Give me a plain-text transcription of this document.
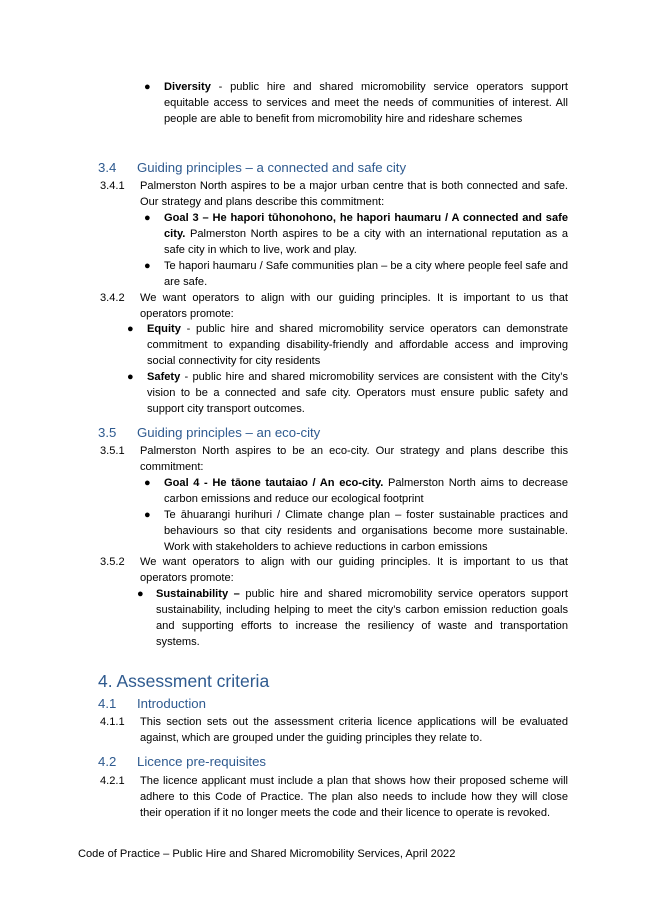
● Diversity - public hire and shared micromobility service operators support equitable access to services and meet the needs of communities of interest. All people are able to benefit from micromobility hire and rideshare schemes
3.4 Guiding principles – a connected and safe city
3.4.1 Palmerston North aspires to be a major urban centre that is both connected and safe. Our strategy and plans describe this commitment:
● Goal 3 – He hapori tūhonohono, he hapori haumaru / A connected and safe city. Palmerston North aspires to be a city with an international reputation as a safe city in which to live, work and play.
● Te hapori haumaru / Safe communities plan – be a city where people feel safe and are safe.
3.4.2 We want operators to align with our guiding principles. It is important to us that operators promote:
● Equity - public hire and shared micromobility service operators can demonstrate commitment to expanding disability-friendly and affordable access and improving social connectivity for city residents
● Safety - public hire and shared micromobility services are consistent with the City’s vision to be a connected and safe city. Operators must ensure public safety and support city transport outcomes.
3.5 Guiding principles – an eco-city
3.5.1 Palmerston North aspires to be an eco-city. Our strategy and plans describe this commitment:
● Goal 4 - He tāone tautaiao / An eco-city. Palmerston North aims to decrease carbon emissions and reduce our ecological footprint
● Te āhuarangi hurihuri / Climate change plan – foster sustainable practices and behaviours so that city residents and organisations become more sustainable. Work with stakeholders to achieve reductions in carbon emissions
3.5.2 We want operators to align with our guiding principles. It is important to us that operators promote:
● Sustainability – public hire and shared micromobility service operators support sustainability, including helping to meet the city’s carbon emission reduction goals and supporting efforts to increase the resiliency of waste and transportation systems.
4. Assessment criteria
4.1 Introduction
4.1.1 This section sets out the assessment criteria licence applications will be evaluated against, which are grouped under the guiding principles they relate to.
4.2 Licence pre-requisites
4.2.1 The licence applicant must include a plan that shows how their proposed scheme will adhere to this Code of Practice. The plan also needs to include how they will close their operation if it no longer meets the code and their licence to operate is revoked.
Code of Practice – Public Hire and Shared Micromobility Services, April 2022
